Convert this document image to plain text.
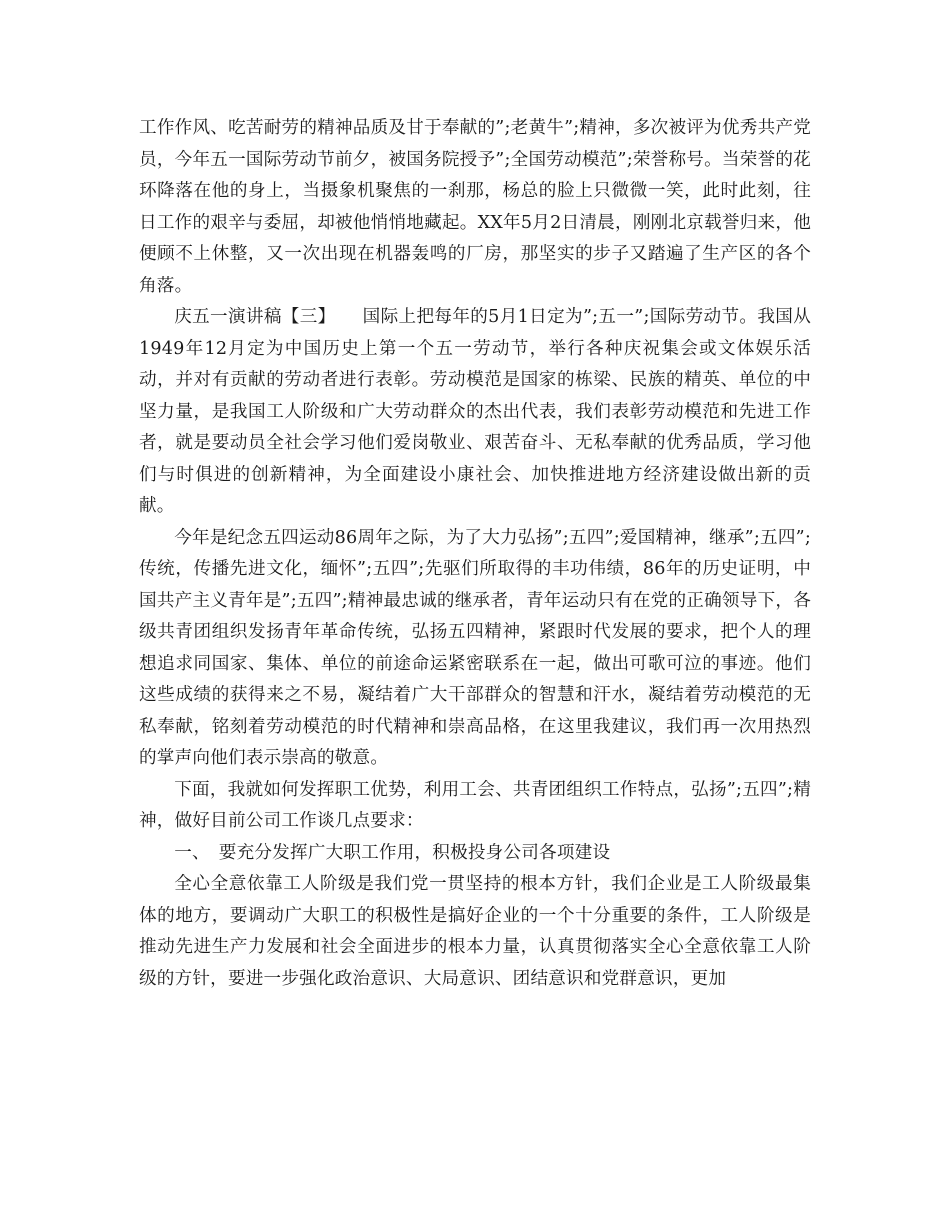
工作作风、吃苦耐劳的精神品质及甘于奉献的”;老黄牛”;精神，多次被评为优秀共产党员，今年五一国际劳动节前夕，被国务院授予”;全国劳动模范”;荣誉称号。当荣誉的花环降落在他的身上，当摄象机聚焦的一刹那，杨总的脸上只微微一笑，此时此刻，往日工作的艰辛与委屈，却被他悄悄地藏起。XX年5月2日清晨，刚刚北京载誉归来，他便顾不上休整，又一次出现在机器轰鸣的厂房，那坚实的步子又踏遍了生产区的各个角落。

庆五一演讲稿【三】　　 国际上把每年的5月1日定为”;五一”;国际劳动节。我国从1949年12月定为中国历史上第一个五一劳动节，举行各种庆祝集会或文体娱乐活动，并对有贡献的劳动者进行表彰。劳动模范是国家的栋梁、民族的精英、单位的中坚力量，是我国工人阶级和广大劳动群众的杰出代表，我们表彰劳动模范和先进工作者，就是要动员全社会学习他们爱岗敬业、艰苦奋斗、无私奉献的优秀品质，学习他们与时俱进的创新精神，为全面建设小康社会、加快推进地方经济建设做出新的贡献。

今年是纪念五四运动86周年之际，为了大力弘扬”;五四”;爱国精神，继承”;五四”;传统，传播先进文化，缅怀”;五四”;先驱们所取得的丰功伟绩，86年的历史证明，中国共产主义青年是”;五四”;精神最忠诚的继承者，青年运动只有在党的正确领导下，各级共青团组织发扬青年革命传统，弘扬五四精神，紧跟时代发展的要求，把个人的理想追求同国家、集体、单位的前途命运紧密联系在一起，做出可歌可泣的事迹。他们这些成绩的获得来之不易，凝结着广大干部群众的智慧和汗水，凝结着劳动模范的无私奉献，铭刻着劳动模范的时代精神和崇高品格，在这里我建议，我们再一次用热烈的掌声向他们表示崇高的敬意。

下面，我就如何发挥职工优势，利用工会、共青团组织工作特点，弘扬”;五四”;精神，做好目前公司工作谈几点要求：

一、　要充分发挥广大职工作用，积极投身公司各项建设

全心全意依靠工人阶级是我们党一贯坚持的根本方针，我们企业是工人阶级最集体的地方，要调动广大职工的积极性是搞好企业的一个十分重要的条件，工人阶级是推动先进生产力发展和社会全面进步的根本力量，认真贯彻落实全心全意依靠工人阶级的方针，要进一步强化政治意识、大局意识、团结意识和党群意识，更加
